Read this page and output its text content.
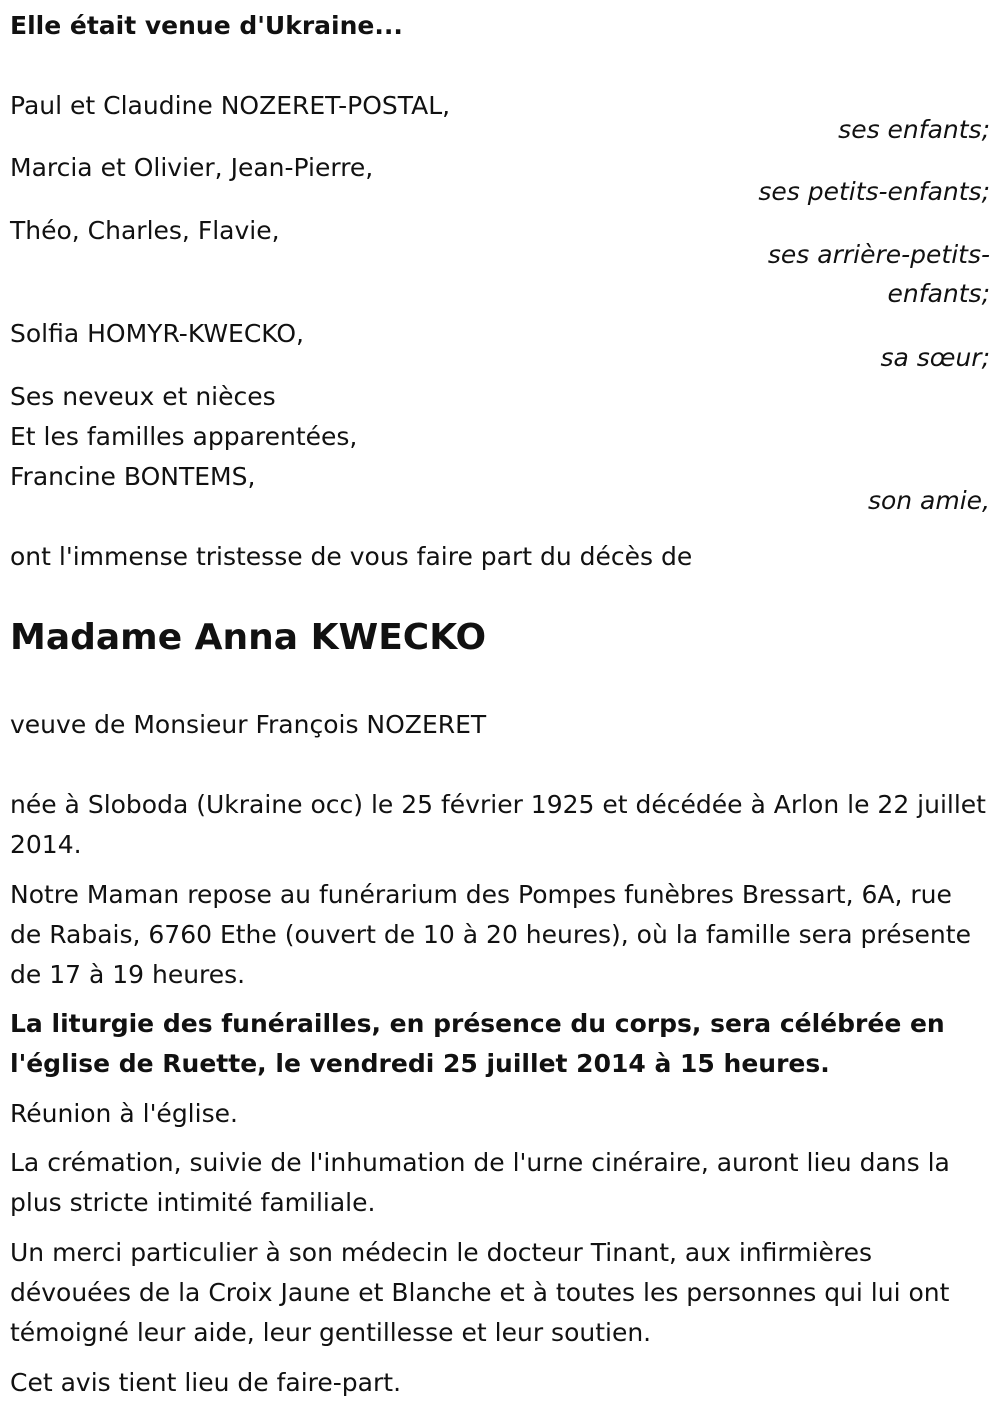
Elle était venue d'Ukraine...

Paul et Claudine NOZERET-POSTAL,

ses enfants;

Marcia et Olivier, Jean-Pierre,

ses petits-enfants;

Théo, Charles, Flavie,

ses arrière-petits-

enfants;

Solfia HOMYR-KWECKO,

sa sœur;

Ses neveux et nièces

Et les familles apparentées,

Francine BONTEMS,

son amie,

ont l'immense tristesse de vous faire part du décès de

Madame Anna KWECKO

veuve de Monsieur François NOZERET

née à Sloboda (Ukraine occ) le 25 février 1925 et décédée à Arlon le 22 juillet 2014.

Notre Maman repose au funérarium des Pompes funèbres Bressart, 6A, rue de Rabais, 6760 Ethe (ouvert de 10 à 20 heures), où la famille sera présente de 17 à 19 heures.

La liturgie des funérailles, en présence du corps, sera célébrée en l'église de Ruette, le vendredi 25 juillet 2014 à 15 heures.

Réunion à l'église.

La crémation, suivie de l'inhumation de l'urne cinéraire, auront lieu dans la plus stricte intimité familiale.

Un merci particulier à son médecin le docteur Tinant, aux infirmières dévouées de la Croix Jaune et Blanche et à toutes les personnes qui lui ont témoigné leur aide, leur gentillesse et leur soutien.

Cet avis tient lieu de faire-part.
